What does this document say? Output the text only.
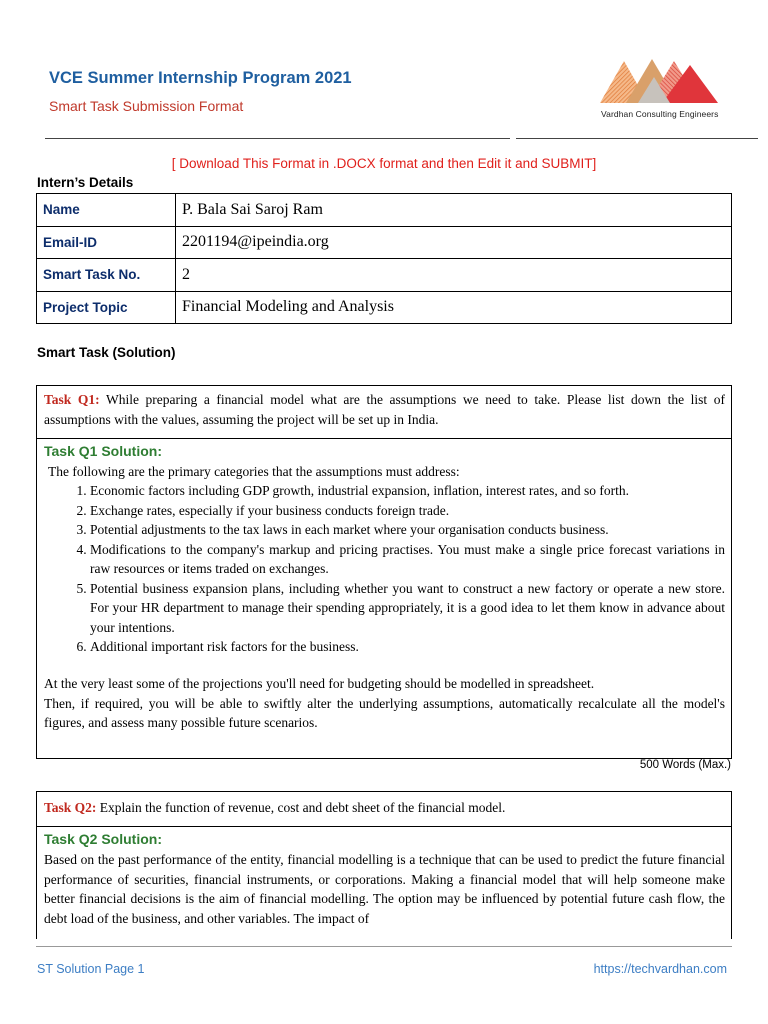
VCE Summer Internship Program 2021
Smart Task Submission Format	Vardhan Consulting Engineers
[ Download This Format in .DOCX format and then Edit it and SUBMIT]
Intern’s Details
Name	P. Bala Sai Saroj Ram
Email-ID	2201194@ipeindia.org
Smart Task No.	2
Project Topic	Financial Modeling and Analysis
Smart Task (Solution)
Task Q1: While preparing a financial model what are the assumptions we need to take. Please list down the list of assumptions with the values, assuming the project will be set up in India.
Task Q1 Solution:
The following are the primary categories that the assumptions must address:
1. Economic factors including GDP growth, industrial expansion, inflation, interest rates, and so forth.
2. Exchange rates, especially if your business conducts foreign trade.
3. Potential adjustments to the tax laws in each market where your organisation conducts business.
4. Modifications to the company's markup and pricing practises. You must make a single price forecast variations in raw resources or items traded on exchanges.
5. Potential business expansion plans, including whether you want to construct a new factory or operate a new store. For your HR department to manage their spending appropriately, it is a good idea to let them know in advance about your intentions.
6. Additional important risk factors for the business.
At the very least some of the projections you'll need for budgeting should be modelled in spreadsheet.
Then, if required, you will be able to swiftly alter the underlying assumptions, automatically recalculate all the model's figures, and assess many possible future scenarios.
500 Words (Max.)
Task Q2: Explain the function of revenue, cost and debt sheet of the financial model.
Task Q2 Solution:
Based on the past performance of the entity, financial modelling is a technique that can be used to predict the future financial performance of securities, financial instruments, or corporations. Making a financial model that will help someone make better financial decisions is the aim of financial modelling. The option may be influenced by potential future cash flow, the debt load of the business, and other variables. The impact of
ST Solution Page 1	https://techvardhan.com
